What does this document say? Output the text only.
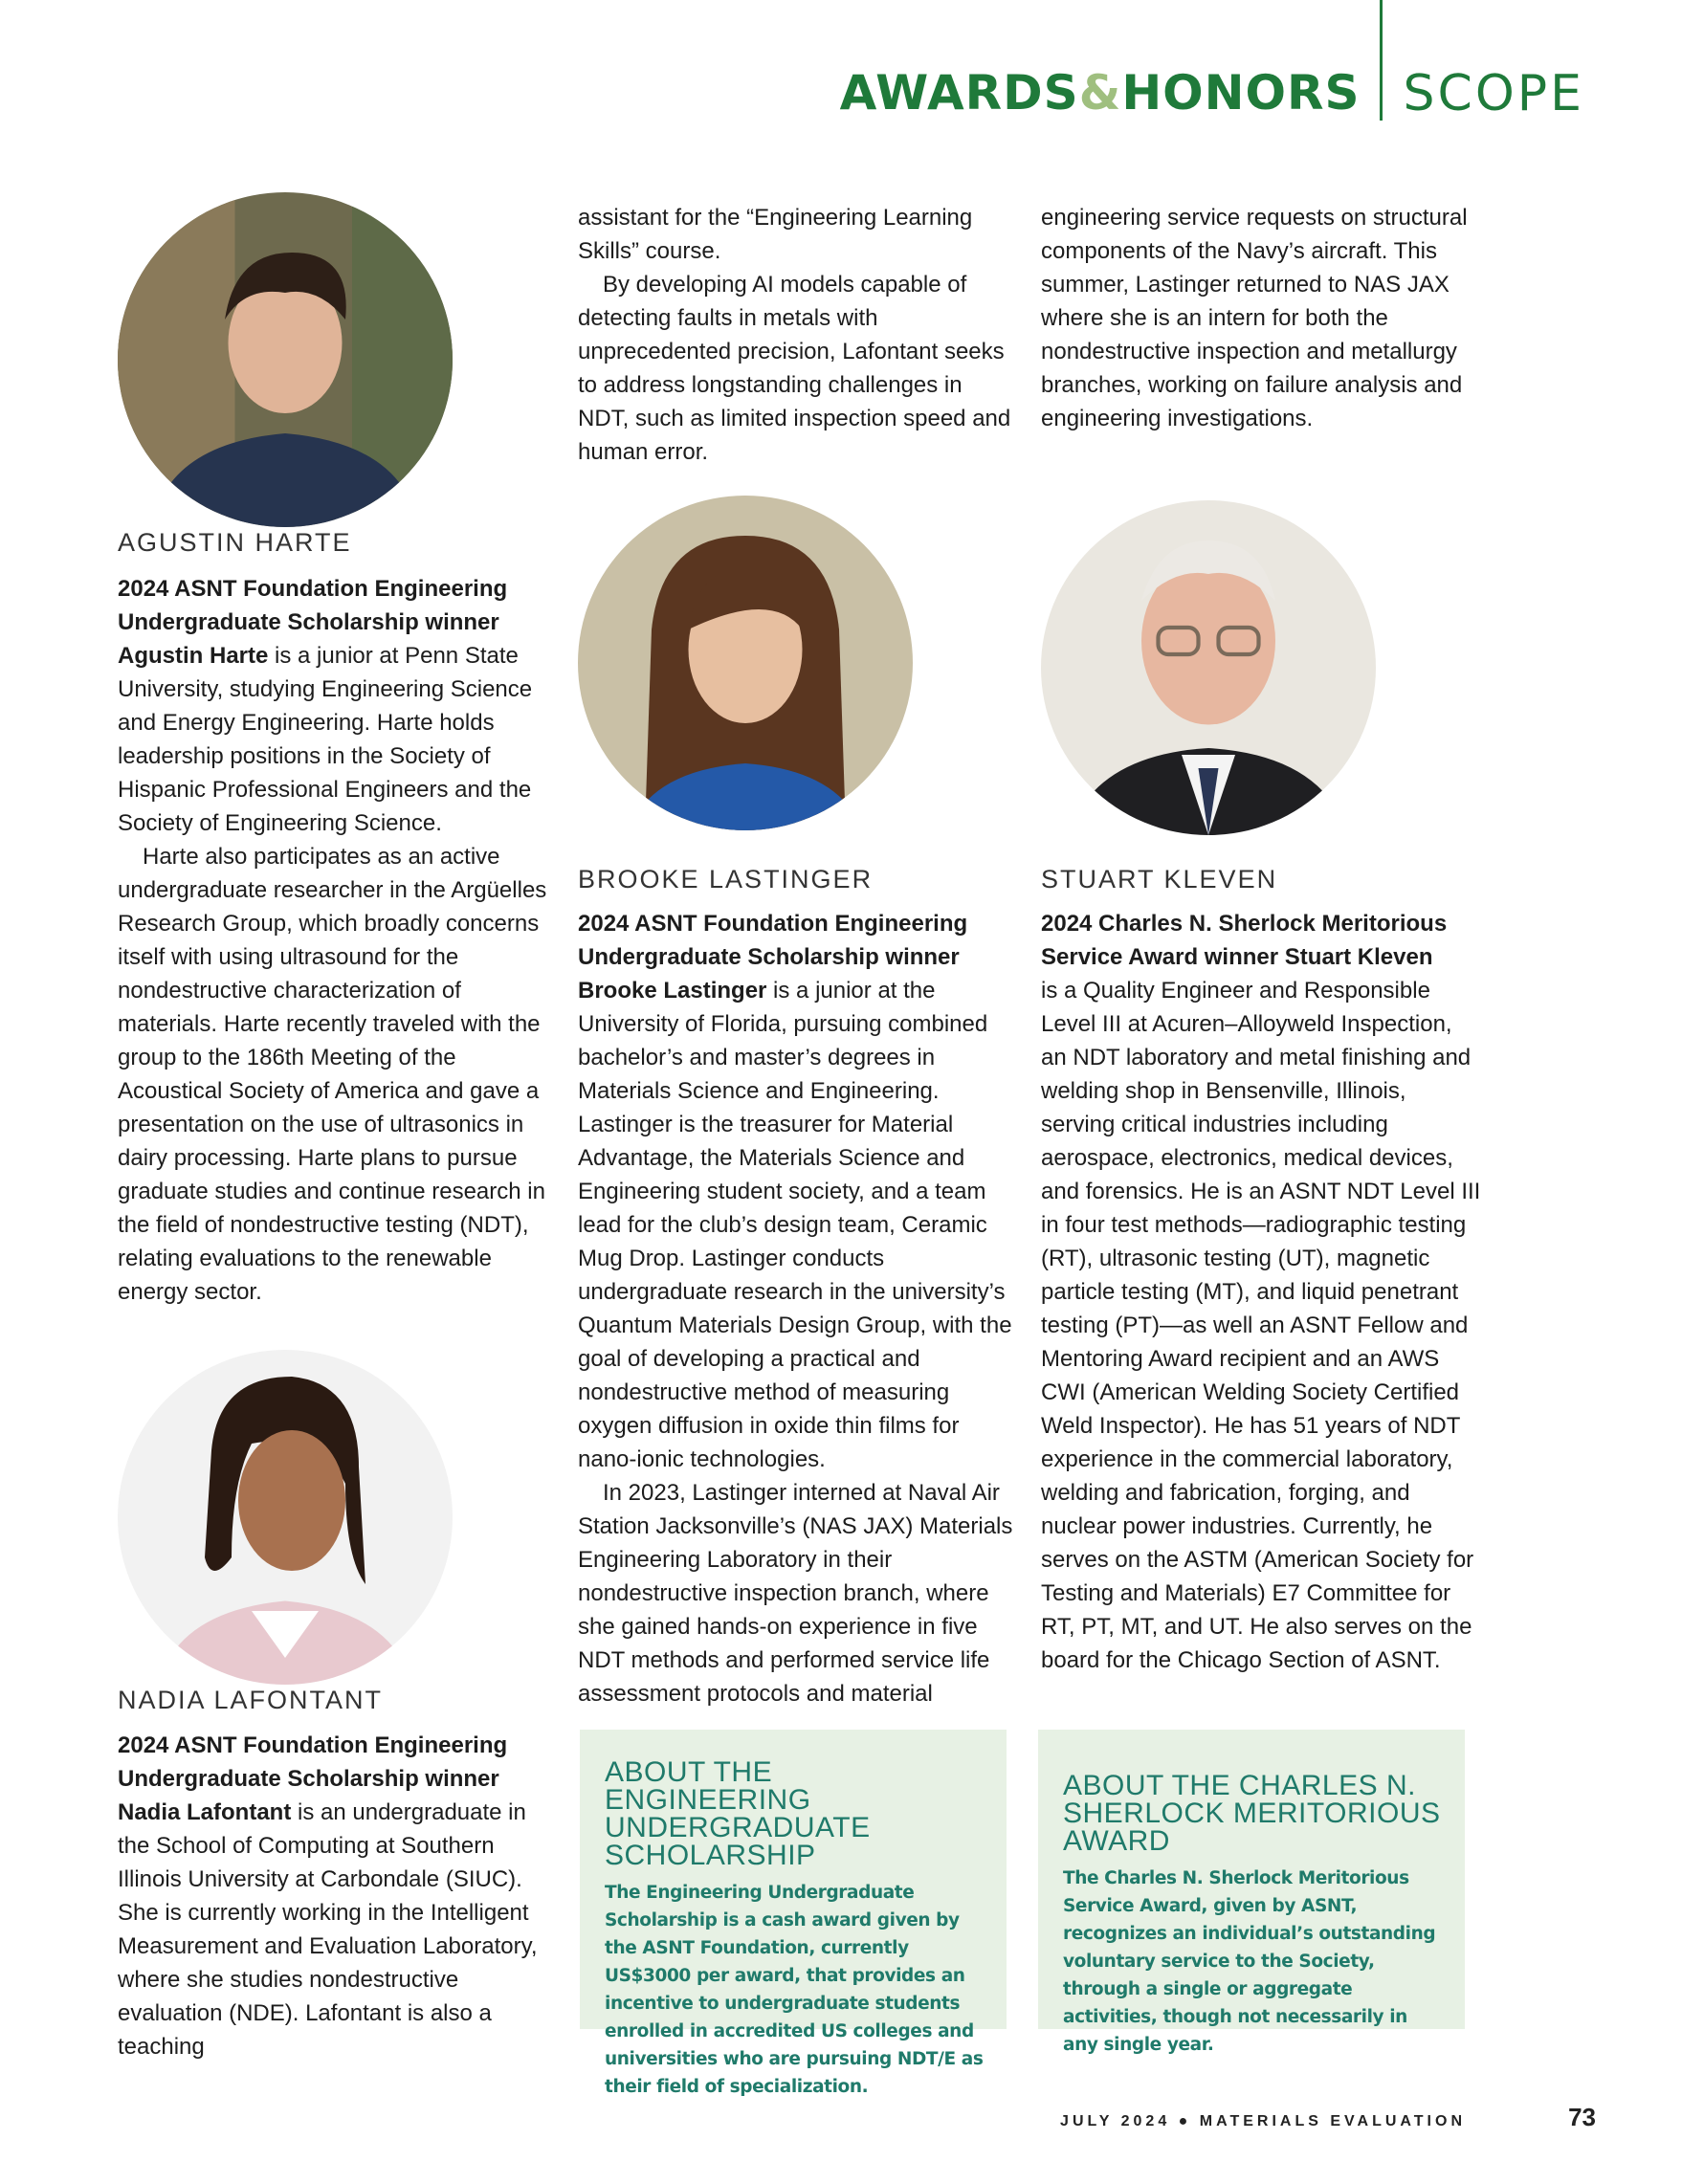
AWARDS&HONORS SCOPE
AGUSTIN HARTE

2024 ASNT Foundation Engineering Undergraduate Scholarship winner

Agustin Harte is a junior at Penn State University, studying Engineering Science and Energy Engineering. Harte holds leadership positions in the Society of Hispanic Professional Engineers and the Society of Engineering Science.

Harte also participates as an active undergraduate researcher in the Argüelles Research Group, which broadly concerns itself with using ultrasound for the nondestructive characterization of materials. Harte recently traveled with the group to the 186th Meeting of the Acoustical Society of America and gave a presentation on the use of ultrasonics in dairy processing. Harte plans to pursue graduate studies and continue research in the field of nondestructive testing (NDT), relating evaluations to the renewable energy sector.

NADIA LAFONTANT

2024 ASNT Foundation Engineering Undergraduate Scholarship winner

Nadia Lafontant is an undergraduate in the School of Computing at Southern Illinois University at Carbondale (SIUC). She is currently working in the Intelligent Measurement and Evaluation Laboratory, where she studies nondestructive evaluation (NDE). Lafontant is also a teaching

assistant for the “Engineering Learning Skills” course.

By developing AI models capable of detecting faults in metals with unprecedented precision, Lafontant seeks to address longstanding challenges in NDT, such as limited inspection speed and human error.

BROOKE LASTINGER

2024 ASNT Foundation Engineering Undergraduate Scholarship winner

Brooke Lastinger is a junior at the University of Florida, pursuing combined bachelor’s and master’s degrees in Materials Science and Engineering. Lastinger is the treasurer for Material Advantage, the Materials Science and Engineering student society, and a team lead for the club’s design team, Ceramic Mug Drop. Lastinger conducts undergraduate research in the university’s Quantum Materials Design Group, with the goal of developing a practical and nondestructive method of measuring oxygen diffusion in oxide thin films for nano-ionic technologies.

In 2023, Lastinger interned at Naval Air Station Jacksonville’s (NAS JAX) Materials Engineering Laboratory in their nondestructive inspection branch, where she gained hands-on experience in five NDT methods and performed service life assessment protocols and material

engineering service requests on structural components of the Navy’s aircraft. This summer, Lastinger returned to NAS JAX where she is an intern for both the nondestructive inspection and metallurgy branches, working on failure analysis and engineering investigations.

STUART KLEVEN

2024 Charles N. Sherlock Meritorious Service Award winner Stuart Kleven

is a Quality Engineer and Responsible Level III at Acuren–Alloyweld Inspection, an NDT laboratory and metal finishing and welding shop in Bensenville, Illinois, serving critical industries including aerospace, electronics, medical devices, and forensics. He is an ASNT NDT Level III in four test methods—radiographic testing (RT), ultrasonic testing (UT), magnetic particle testing (MT), and liquid penetrant testing (PT)—as well an ASNT Fellow and Mentoring Award recipient and an AWS CWI (American Welding Society Certified Weld Inspector). He has 51 years of NDT experience in the commercial laboratory, welding and fabrication, forging, and nuclear power industries. Currently, he serves on the ASTM (American Society for Testing and Materials) E7 Committee for RT, PT, MT, and UT. He also serves on the board for the Chicago Section of ASNT.

ABOUT THE ENGINEERING UNDERGRADUATE SCHOLARSHIP

The Engineering Undergraduate Scholarship is a cash award given by the ASNT Foundation, currently US$3000 per award, that provides an incentive to undergraduate students enrolled in accredited US colleges and universities who are pursuing NDT/E as their field of specialization.

ABOUT THE CHARLES N. SHERLOCK MERITORIOUS AWARD

The Charles N. Sherlock Meritorious Service Award, given by ASNT, recognizes an individual’s outstanding voluntary service to the Society, through a single or aggregate activities, though not necessarily in any single year.

JULY 2024 ● MATERIALS EVALUATION	73
